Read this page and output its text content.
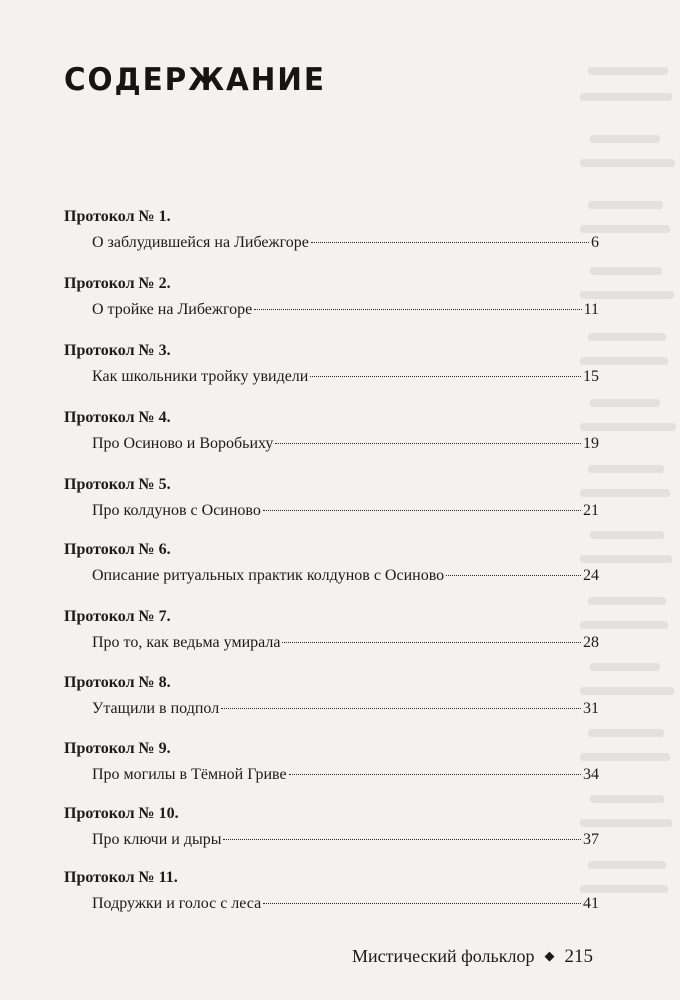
СОДЕРЖАНИЕ
Протокол № 1.
О заблудившейся на Либежгоре	6
Протокол № 2.
О тройке на Либежгоре	11
Протокол № 3.
Как школьники тройку увидели	15
Протокол № 4.
Про Осиново и Воробьиху	19
Протокол № 5.
Про колдунов с Осиново	21
Протокол № 6.
Описание ритуальных практик колдунов с Осиново	24
Протокол № 7.
Про то, как ведьма умирала	28
Протокол № 8.
Утащили в подпол	31
Протокол № 9.
Про могилы в Тёмной Гриве	34
Протокол № 10.
Про ключи и дыры	37
Протокол № 11.
Подружки и голос с леса	41
Мистический фольклор ◆ 215
